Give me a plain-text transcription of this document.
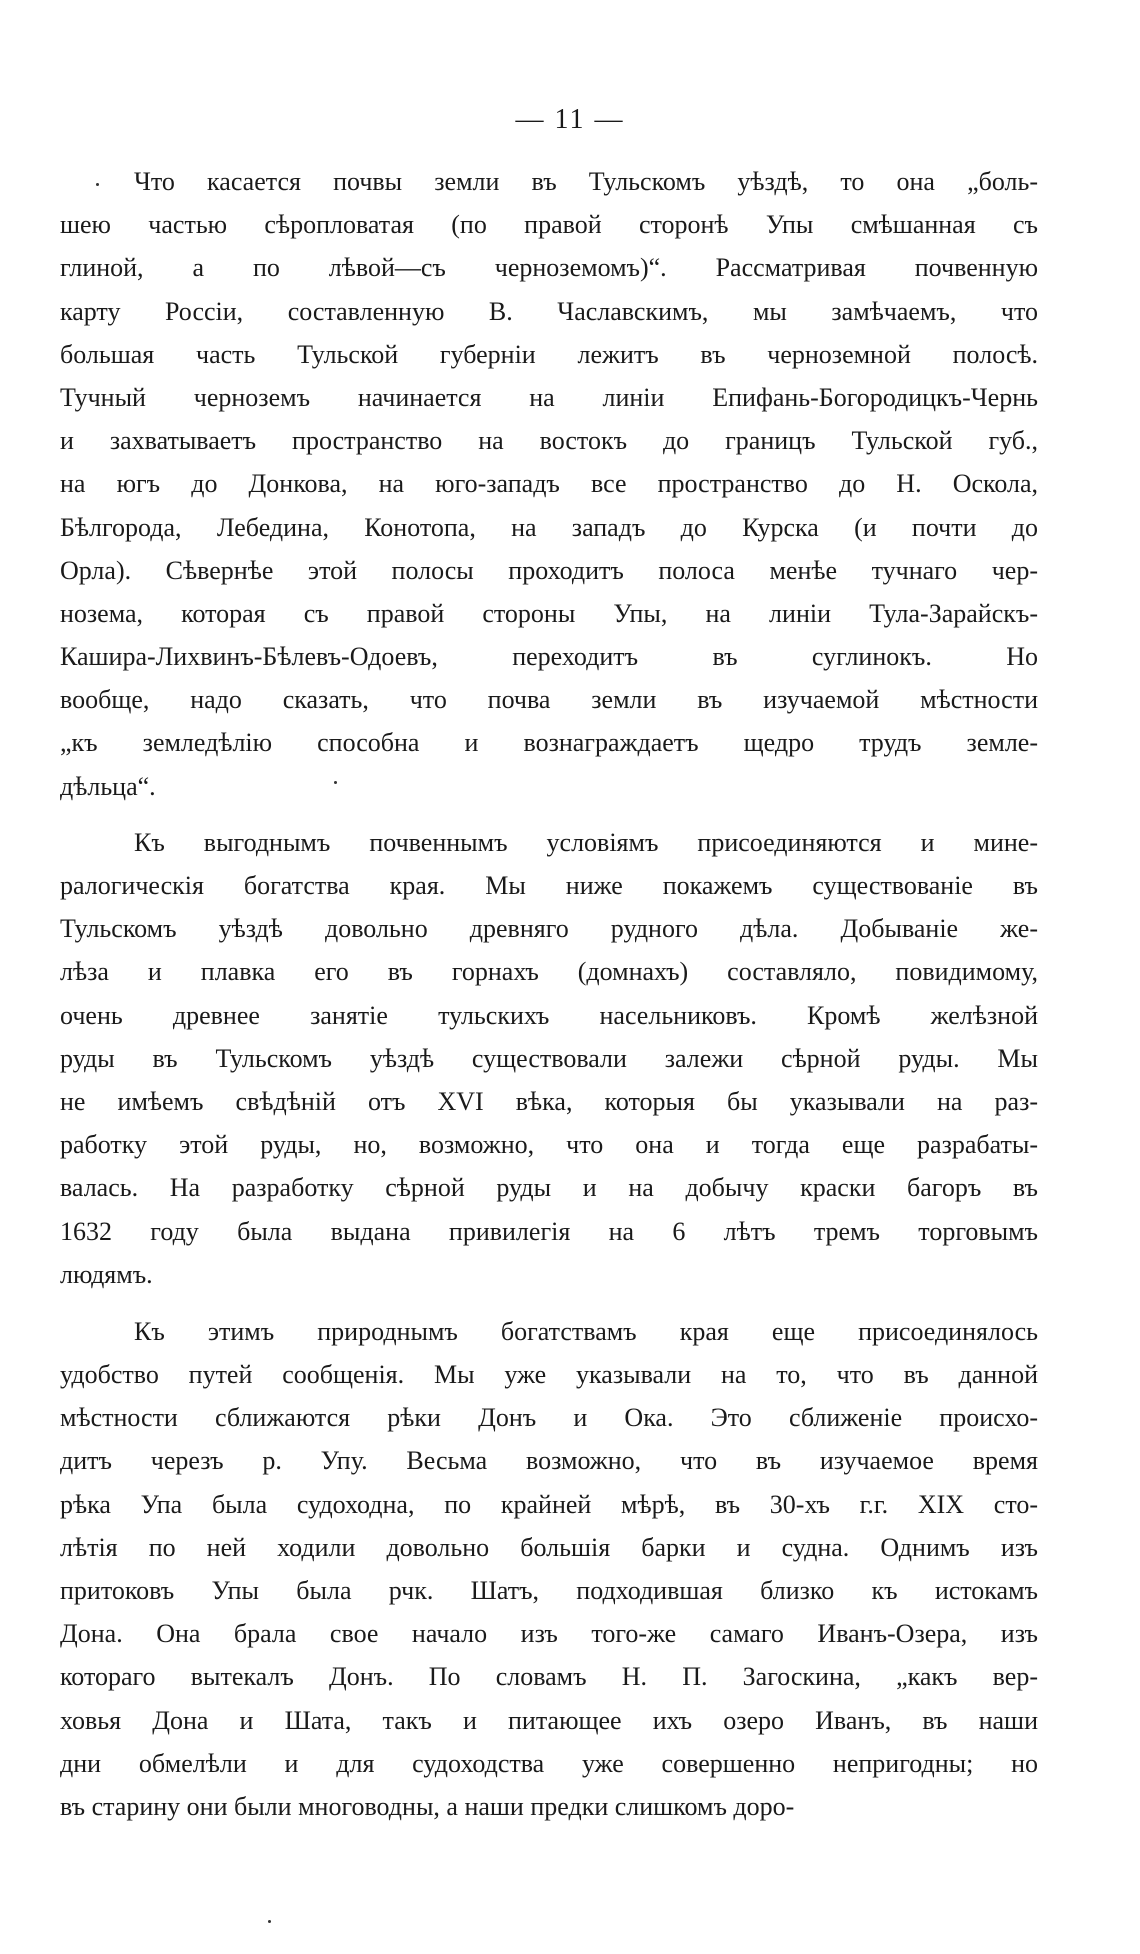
— 11 —
Что касается почвы земли въ Тульскомъ уѣздѣ, то она „боль-
шею частью сѣропловатая (по правой сторонѣ Упы смѣшанная съ
глиной, а по лѣвой—съ черноземомъ)“. Рассматривая почвенную
карту Россіи, составленную В. Чаславскимъ, мы замѣчаемъ, что
большая часть Тульской губерніи лежитъ въ черноземной полосѣ.
Тучный черноземъ начинается на линіи Епифань-Богородицкъ-Чернь
и захватываетъ пространство на востокъ до границъ Тульской губ.,
на югъ до Донкова, на юго-западъ все пространство до Н. Оскола,
Бѣлгорода, Лебедина, Конотопа, на западъ до Курска (и почти до
Орла). Сѣвернѣе этой полосы проходитъ полоса менѣе тучнаго чер-
нозема, которая съ правой стороны Упы, на линіи Тула-Зарайскъ-
Кашира-Лихвинъ-Бѣлевъ-Одоевъ, переходитъ въ суглинокъ. Но
вообще, надо сказать, что почва земли въ изучаемой мѣстности
„къ земледѣлію способна и вознаграждаетъ щедро трудъ земле-
дѣльца“.
Къ выгоднымъ почвеннымъ условіямъ присоединяются и мине-
ралогическія богатства края. Мы ниже покажемъ существованіе въ
Тульскомъ уѣздѣ довольно древняго рудного дѣла. Добываніе же-
лѣза и плавка его въ горнахъ (домнахъ) составляло, повидимому,
очень древнее занятіе тульскихъ насельниковъ. Кромѣ желѣзной
руды въ Тульскомъ уѣздѣ существовали залежи сѣрной руды. Мы
не имѣемъ свѣдѣній отъ XVI вѣка, которыя бы указывали на раз-
работку этой руды, но, возможно, что она и тогда еще разрабаты-
валась. На разработку сѣрной руды и на добычу краски багоръ въ
1632 году была выдана привилегія на 6 лѣтъ тремъ торговымъ
людямъ.
Къ этимъ природнымъ богатствамъ края еще присоединялось
удобство путей сообщенія. Мы уже указывали на то, что въ данной
мѣстности сближаются рѣки Донъ и Ока. Это сближеніе происхо-
дитъ черезъ р. Упу. Весьма возможно, что въ изучаемое время
рѣка Упа была судоходна, по крайней мѣрѣ, въ 30-хъ г.г. XIX сто-
лѣтія по ней ходили довольно большія барки и судна. Однимъ изъ
притоковъ Упы была рчк. Шатъ, подходившая близко къ истокамъ
Дона. Она брала свое начало изъ того-же самаго Иванъ-Озера, изъ
котораго вытекалъ Донъ. По словамъ Н. П. Загоскина, „какъ вер-
ховья Дона и Шата, такъ и питающее ихъ озеро Иванъ, въ наши
дни обмелѣли и для судоходства уже совершенно непригодны; но
въ старину они были многоводны, а наши предки слишкомъ доро-
